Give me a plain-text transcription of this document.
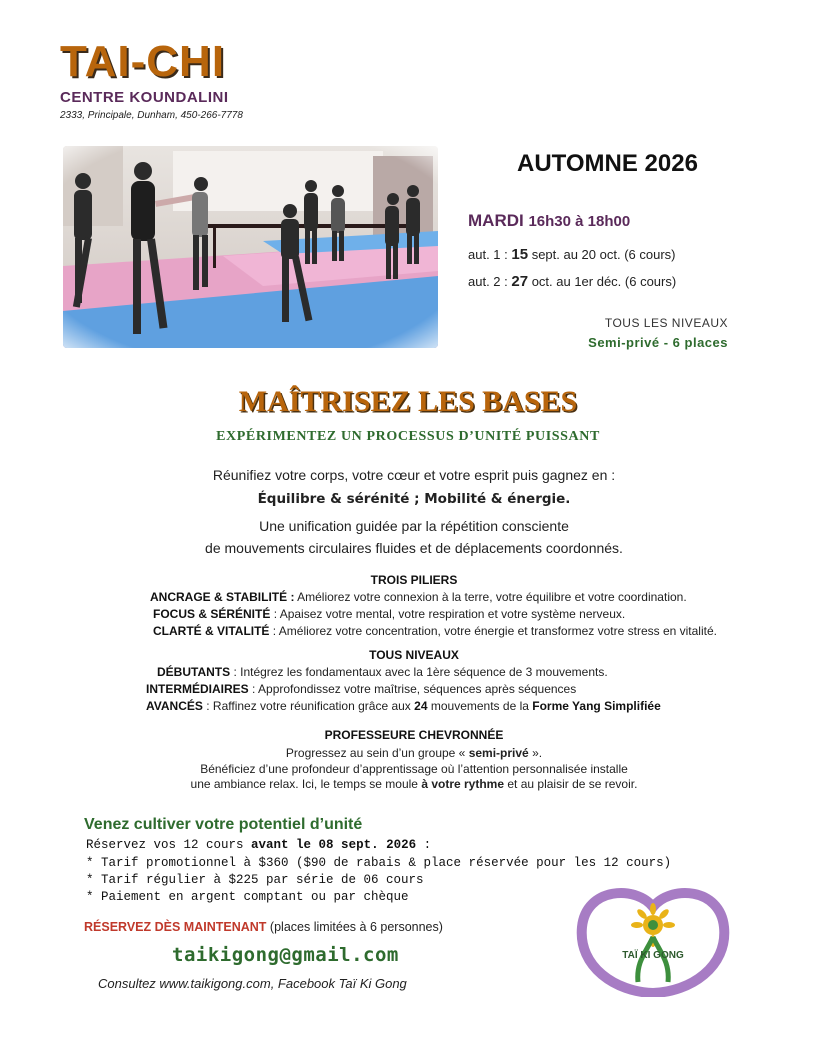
TAI-CHI
CENTRE KOUNDALINI
2333, Principale, Dunham, 450-266-7778
AUTOMNE 2026
MARDI 16h30 à 18h00
aut. 1 : 15 sept. au 20 oct. (6 cours)
aut. 2 : 27 oct. au 1er déc. (6 cours)
TOUS LES NIVEAUX
Semi-privé - 6 places
MAÎTRISEZ LES BASES
EXPÉRIMENTEZ UN PROCESSUS D’UNITÉ PUISSANT
Réunifiez votre corps, votre cœur et votre esprit puis gagnez en :
Équilibre & sérénité ; Mobilité & énergie.
Une unification guidée par la répétition consciente
de mouvements circulaires fluides et de déplacements coordonnés.
TROIS PILIERS
ANCRAGE & STABILITÉ : Améliorez votre connexion à la terre, votre équilibre et votre coordination.
FOCUS & SÉRÉNITÉ : Apaisez votre mental, votre respiration et votre système nerveux.
CLARTÉ & VITALITÉ : Améliorez votre concentration, votre énergie et transformez votre stress en vitalité.
TOUS NIVEAUX
DÉBUTANTS : Intégrez les fondamentaux avec la 1ère séquence de 3 mouvements.
INTERMÉDIAIRES : Approfondissez votre maîtrise, séquences après séquences
AVANCÉS : Raffinez votre réunification grâce aux 24 mouvements de la Forme Yang Simplifiée
PROFESSEURE CHEVRONNÉE
Progressez au sein d’un groupe « semi-privé ».
Bénéficiez d’une profondeur d’apprentissage où l’attention personnalisée installe
une ambiance relax. Ici, le temps se moule à votre rythme et au plaisir de se revoir.
Venez cultiver votre potentiel d’unité
Réservez vos 12 cours avant le 08 sept. 2026 :
* Tarif promotionnel à $360 ($90 de rabais & place réservée pour les 12 cours)
* Tarif régulier à $225 par série de 06 cours
* Paiement en argent comptant ou par chèque
RÉSERVEZ DÈS MAINTENANT (places limitées à 6 personnes)
taikigong@gmail.com
Consultez www.taikigong.com, Facebook Taï Ki Gong
TAÏ KI GONG
